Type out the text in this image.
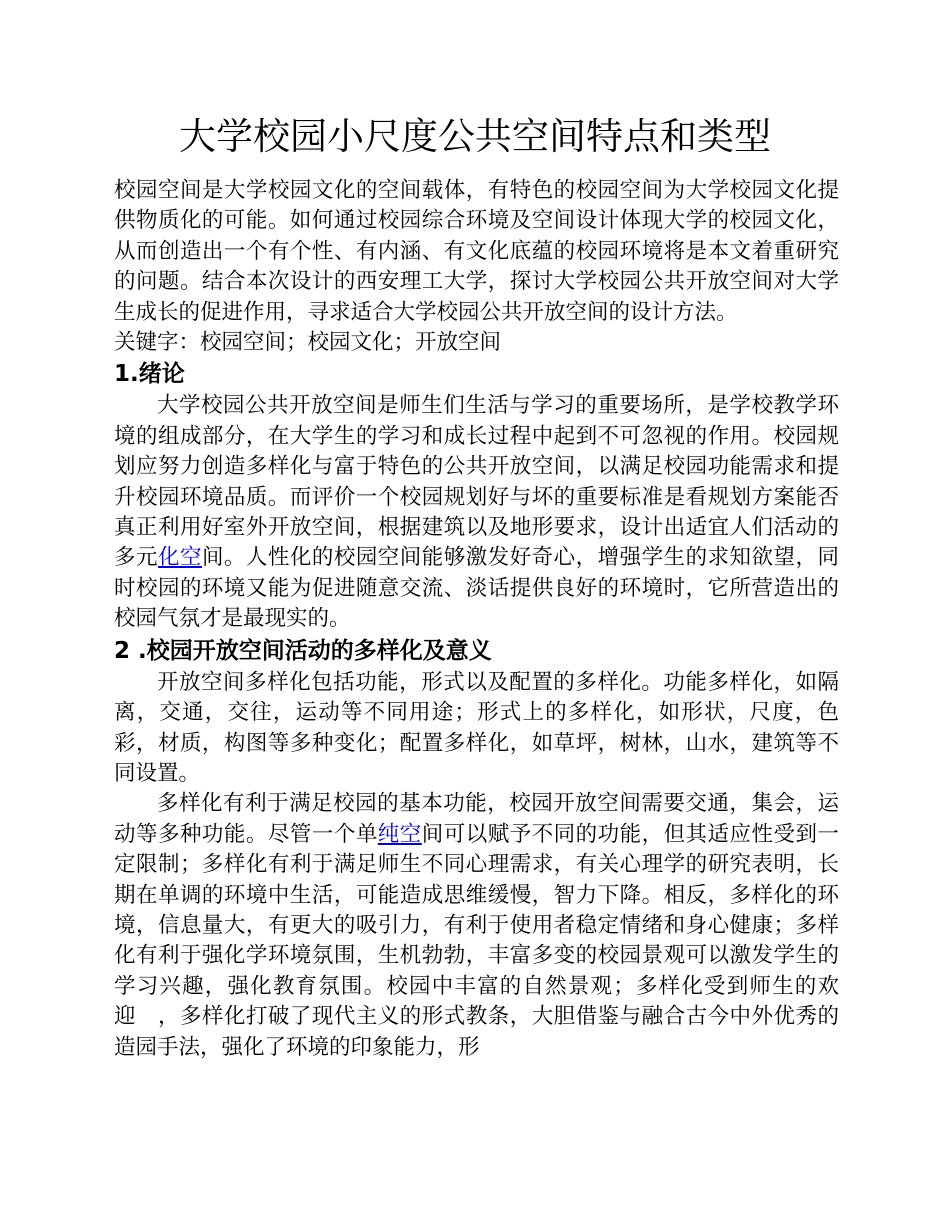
大学校园小尺度公共空间特点和类型

校园空间是大学校园文化的空间载体，有特色的校园空间为大学校园文化提供物质化的可能。如何通过校园综合环境及空间设计体现大学的校园文化，从而创造出一个有个性、有内涵、有文化底蕴的校园环境将是本文着重研究的问题。结合本次设计的西安理工大学，探讨大学校园公共开放空间对大学生成长的促进作用，寻求适合大学校园公共开放空间的设计方法。

关键字：校园空间；校园文化；开放空间

1.绪论

大学校园公共开放空间是师生们生活与学习的重要场所，是学校教学环境的组成部分，在大学生的学习和成长过程中起到不可忽视的作用。校园规划应努力创造多样化与富于特色的公共开放空间，以满足校园功能需求和提升校园环境品质。而评价一个校园规划好与坏的重要标准是看规划方案能否真正利用好室外开放空间，根据建筑以及地形要求，设计出适宜人们活动的多元化空间。人性化的校园空间能够激发好奇心，增强学生的求知欲望，同时校园的环境又能为促进随意交流、淡话提供良好的环境时，它所营造出的校园气氛才是最现实的。

2 .校园开放空间活动的多样化及意义

开放空间多样化包括功能，形式以及配置的多样化。功能多样化，如隔离，交通，交往，运动等不同用途；形式上的多样化，如形状，尺度，色彩，材质，构图等多种变化；配置多样化，如草坪，树林，山水，建筑等不同设置。

多样化有利于满足校园的基本功能，校园开放空间需要交通，集会，运动等多种功能。尽管一个单纯空间可以赋予不同的功能，但其适应性受到一定限制；多样化有利于满足师生不同心理需求，有关心理学的研究表明，长期在单调的环境中生活，可能造成思维缓慢，智力下降。相反，多样化的环境，信息量大，有更大的吸引力，有利于使用者稳定情绪和身心健康；多样化有利于强化学环境氛围，生机勃勃，丰富多变的校园景观可以激发学生的学习兴趣，强化教育氛围。校园中丰富的自然景观；多样化受到师生的欢迎　，多样化打破了现代主义的形式教条，大胆借鉴与融合古今中外优秀的造园手法，强化了环境的印象能力，形
